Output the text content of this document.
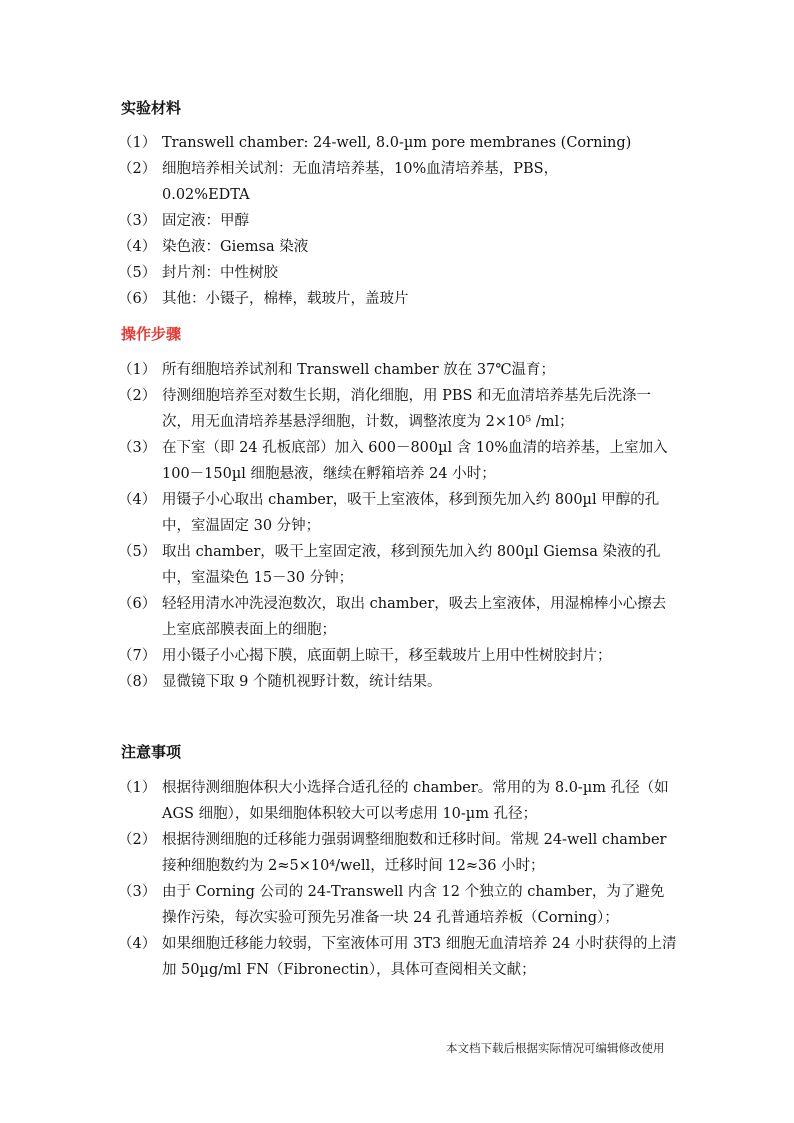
实验材料
（1） Transwell chamber: 24-well, 8.0-µm pore membranes (Corning)
（2） 细胞培养相关试剂：无血清培养基，10%血清培养基，PBS，0.02%EDTA
（3） 固定液：甲醇
（4） 染色液：Giemsa 染液
（5） 封片剂：中性树胶
（6） 其他：小镊子，棉棒，载玻片，盖玻片
操作步骤
（1） 所有细胞培养试剂和 Transwell chamber 放在 37℃温育；
（2） 待测细胞培养至对数生长期，消化细胞，用 PBS 和无血清培养基先后洗涤一次，用无血清培养基悬浮细胞，计数，调整浓度为 2×10⁵ /ml；
（3） 在下室（即 24 孔板底部）加入 600－800µl 含 10%血清的培养基，上室加入 100－150µl 细胞悬液，继续在孵箱培养 24 小时；
（4） 用镊子小心取出 chamber，吸干上室液体，移到预先加入约 800µl 甲醇的孔中，室温固定 30 分钟；
（5） 取出 chamber，吸干上室固定液，移到预先加入约 800µl Giemsa 染液的孔中，室温染色 15－30 分钟；
（6） 轻轻用清水冲洗浸泡数次，取出 chamber，吸去上室液体，用湿棉棒小心擦去上室底部膜表面上的细胞；
（7） 用小镊子小心揭下膜，底面朝上晾干，移至载玻片上用中性树胶封片；
（8） 显微镜下取 9 个随机视野计数，统计结果。
注意事项
（1） 根据待测细胞体积大小选择合适孔径的 chamber。常用的为 8.0-µm 孔径（如 AGS 细胞），如果细胞体积较大可以考虑用 10-µm 孔径；
（2） 根据待测细胞的迁移能力强弱调整细胞数和迁移时间。常规 24-well chamber 接种细胞数约为 2≈5×10⁴/well，迁移时间 12≈36 小时；
（3） 由于 Corning 公司的 24-Transwell 内含 12 个独立的 chamber，为了避免操作污染，每次实验可预先另准备一块 24 孔普通培养板（Corning）；
（4） 如果细胞迁移能力较弱，下室液体可用 3T3 细胞无血清培养 24 小时获得的上清加 50µg/ml FN（Fibronectin），具体可查阅相关文献；
本文档下载后根据实际情况可编辑修改使用
